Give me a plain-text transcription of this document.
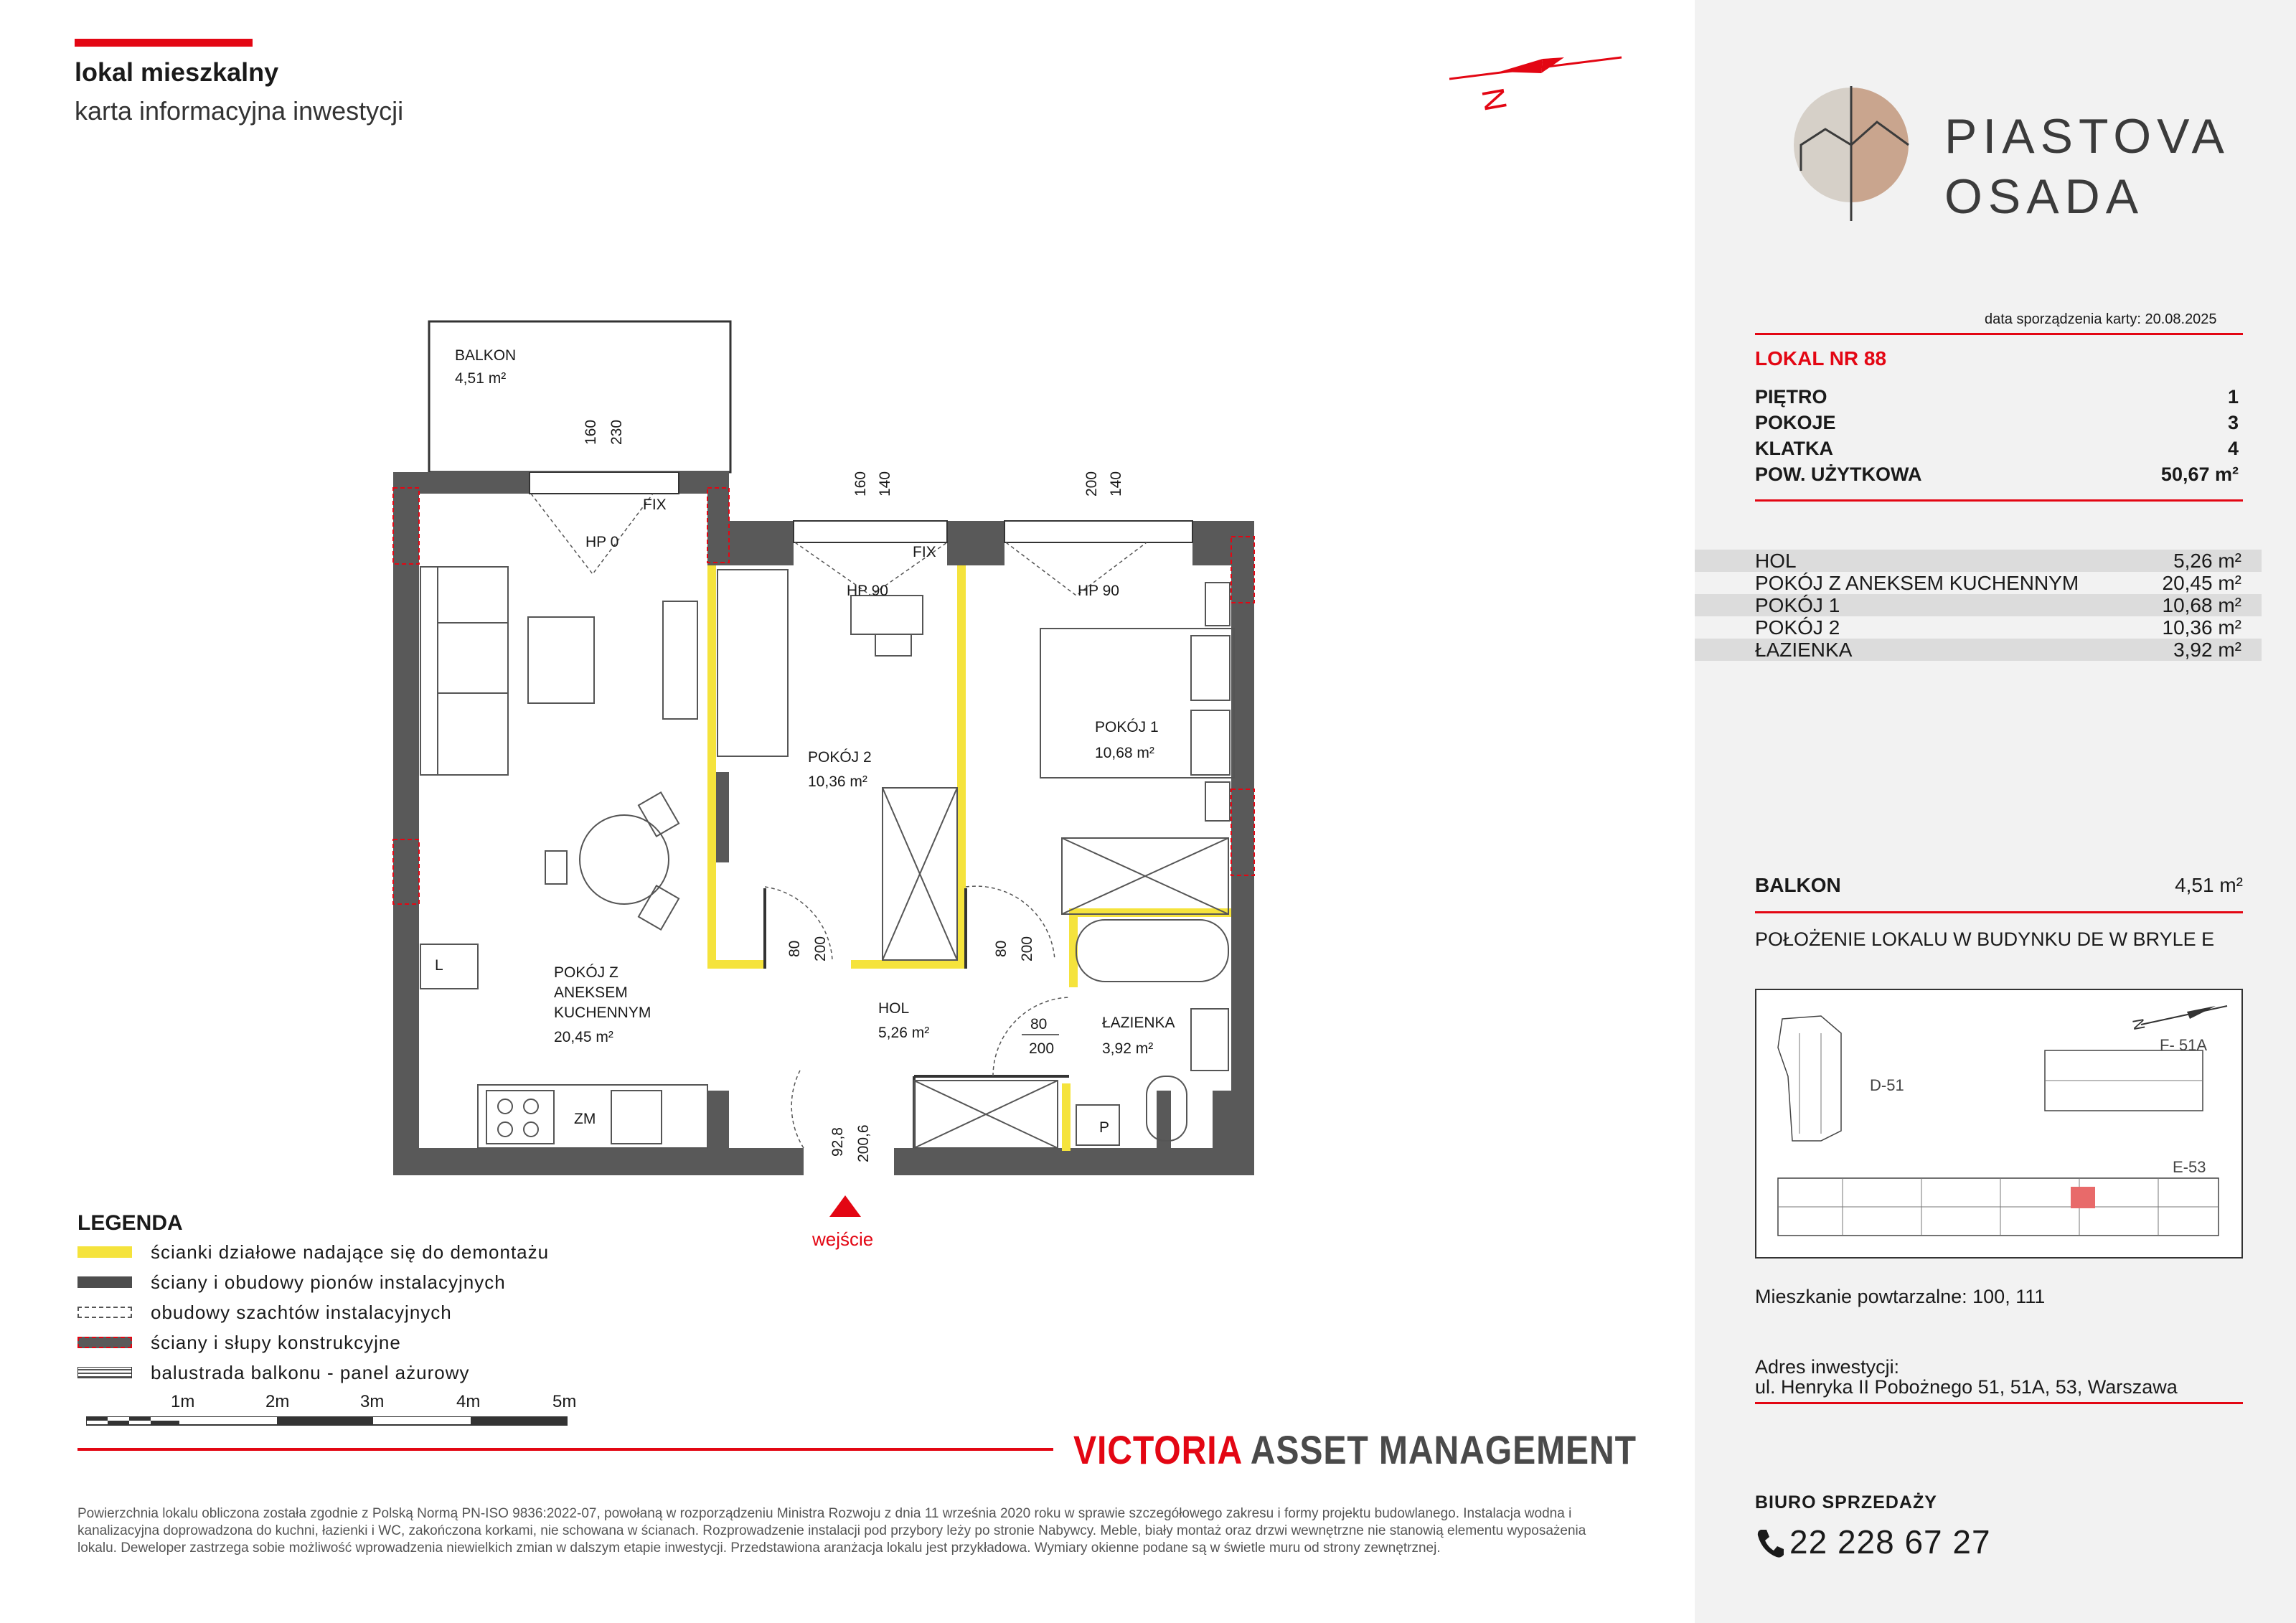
lokal mieszkalny
karta informacyjna inwestycji	N
BALKON
4,51 m²
POKÓJ 2
10,36 m²
POKÓJ 1
10,68 m²
POKÓJ Z
ANEKSEM
KUCHENNYM
20,45 m²
HOL
5,26 m²
ŁAZIENKA
3,92 m²
HP 0
HP 90	HP 90
FIX
FIX
ZM
L
P
160 230
160 140	200 140
80 200	80 200
92,8 200,6
80
200
wejście
LEGENDA
ścianki działowe nadające się do demontażu
ściany i obudowy pionów instalacyjnych
obudowy szachtów instalacyjnych
ściany i słupy konstrukcyjne
balustrada balkonu - panel ażurowy
1m	2m	3m	4m	5m
VICTORIA ASSET MANAGEMENT
Powierzchnia lokalu obliczona została zgodnie z Polską Normą PN-ISO 9836:2022-07, powołaną w rozporządzeniu Ministra Rozwoju z dnia 11 września 2020 roku w sprawie szczegółowego zakresu i formy projektu budowlanego. Instalacja wodna i kanalizacyjna doprowadzona do kuchni, łazienki i WC, zakończona korkami, nie schowana w ścianach. Rozprowadzenie instalacji pod przybory leży po stronie Nabywcy. Meble, biały montaż oraz drzwi wewnętrzne nie stanowią elementu wyposażenia lokalu. Deweloper zastrzega sobie możliwość wprowadzenia niewielkich zmian w dalszym etapie inwestycji. Przedstawiona aranżacja lokalu jest przykładowa. Wymiary okienne podane są w świetle muru od strony zewnętrznej.
PIASTOVA
OSADA
data sporządzenia karty: 20.08.2025
LOKAL NR 88
PIĘTRO	1
POKOJE	3
KLATKA	4
POW. UŻYTKOWA	50,67 m²
HOL	5,26 m²
POKÓJ Z ANEKSEM KUCHENNYM	20,45 m²
POKÓJ 1	10,68 m²
POKÓJ 2	10,36 m²
ŁAZIENKA	3,92 m²
BALKON	4,51 m²
POŁOŻENIE LOKALU W BUDYNKU DE W BRYLE E
D-51
F- 51A
E-53
N
Mieszkanie powtarzalne: 100, 111
Adres inwestycji:
ul. Henryka II Pobożnego 51, 51A, 53, Warszawa
BIURO SPRZEDAŻY
22 228 67 27
